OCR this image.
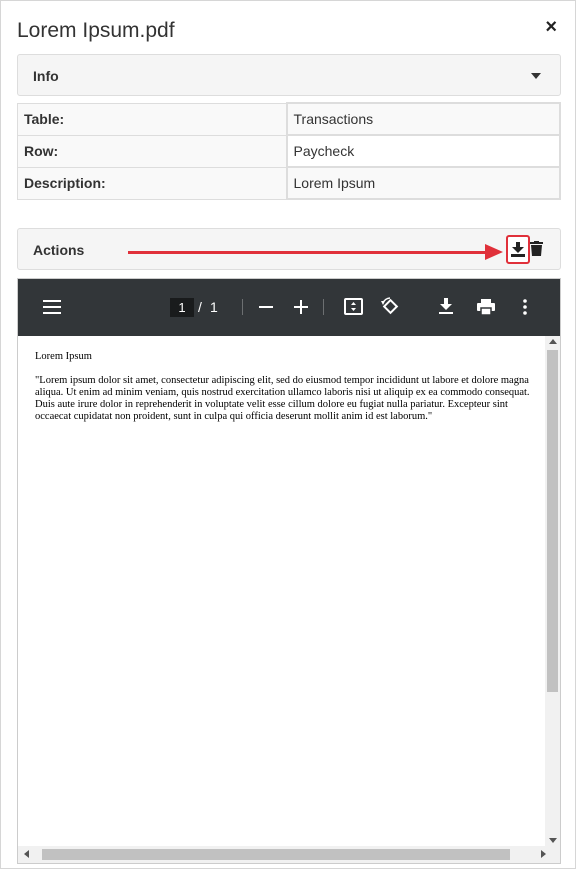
Lorem Ipsum.pdf	×
Info
Table:	Transactions
Row:	Paycheck
Description:	Lorem Ipsum
Actions
1 / 1
Lorem Ipsum
"Lorem ipsum dolor sit amet, consectetur adipiscing elit, sed do eiusmod tempor incididunt ut labore et dolore magna aliqua. Ut enim ad minim veniam, quis nostrud exercitation ullamco laboris nisi ut aliquip ex ea commodo consequat. Duis aute irure dolor in reprehenderit in voluptate velit esse cillum dolore eu fugiat nulla pariatur. Excepteur sint occaecat cupidatat non proident, sunt in culpa qui officia deserunt mollit anim id est laborum."
